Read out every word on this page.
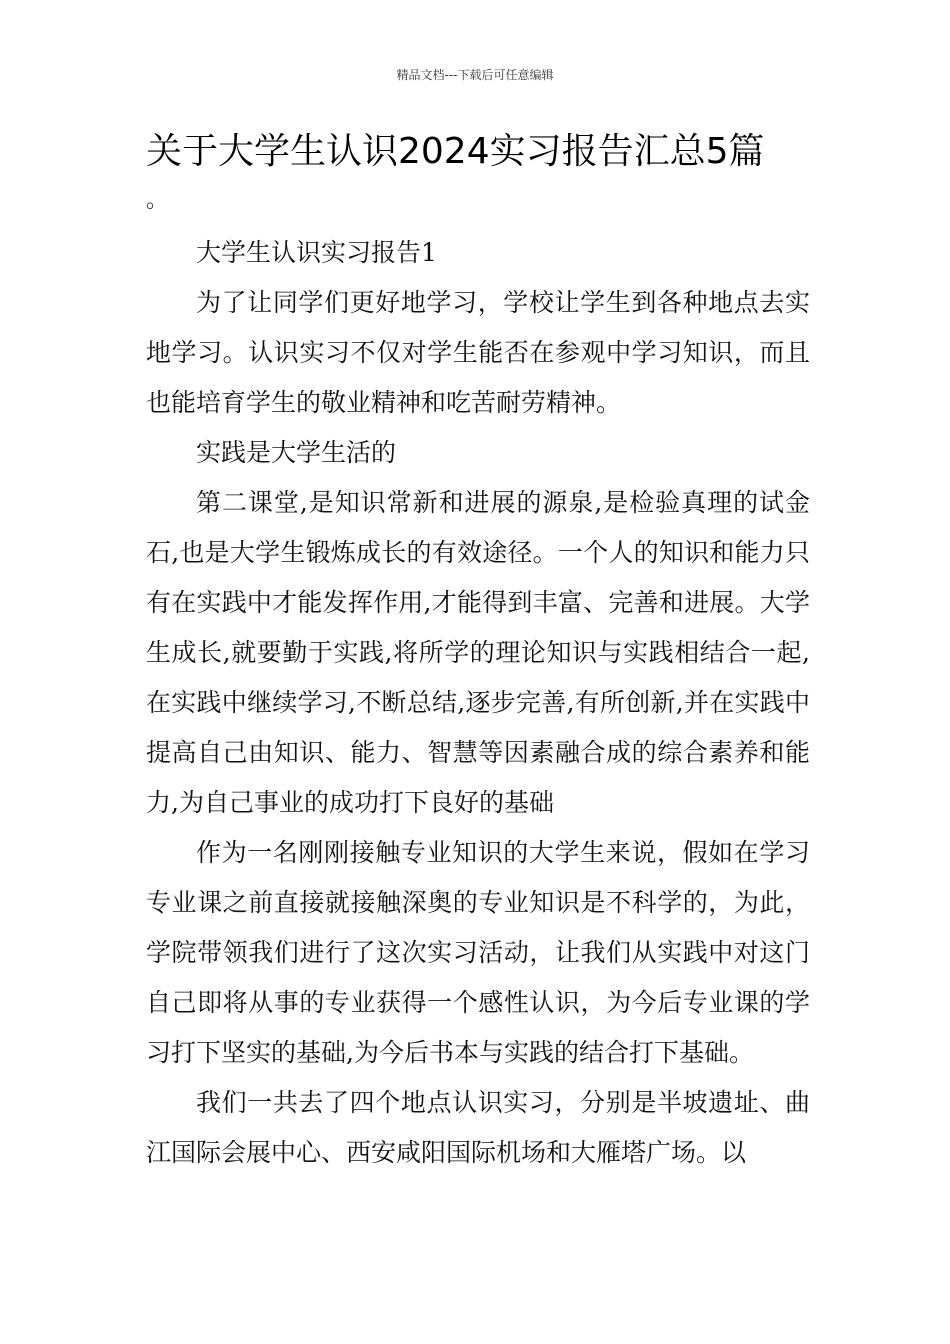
精品文档---下载后可任意编辑
关于大学生认识2024实习报告汇总5篇
。

大学生认识实习报告1

为了让同学们更好地学习，学校让学生到各种地点去实地学习。认识实习不仅对学生能否在参观中学习知识，而且也能培育学生的敬业精神和吃苦耐劳精神。

实践是大学生活的

第二课堂,是知识常新和进展的源泉,是检验真理的试金石,也是大学生锻炼成长的有效途径。一个人的知识和能力只有在实践中才能发挥作用,才能得到丰富、完善和进展。大学生成长,就要勤于实践,将所学的理论知识与实践相结合一起,在实践中继续学习,不断总结,逐步完善,有所创新,并在实践中提高自己由知识、能力、智慧等因素融合成的综合素养和能力,为自己事业的成功打下良好的基础

作为一名刚刚接触专业知识的大学生来说，假如在学习专业课之前直接就接触深奥的专业知识是不科学的，为此，学院带领我们进行了这次实习活动，让我们从实践中对这门自己即将从事的专业获得一个感性认识，为今后专业课的学习打下坚实的基础,为今后书本与实践的结合打下基础。

我们一共去了四个地点认识实习，分别是半坡遗址、曲江国际会展中心、西安咸阳国际机场和大雁塔广场。以
